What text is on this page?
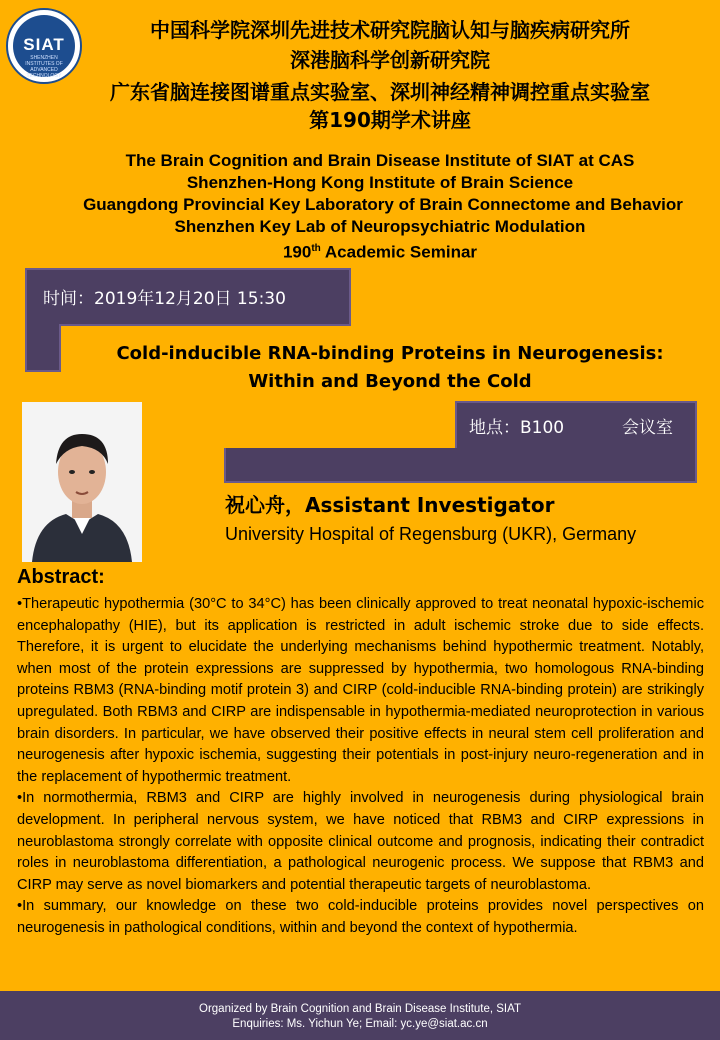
SIAT
SHENZHEN INSTITUTES OF ADVANCED TECHNOLOGY
中国科学院深圳先进技术研究院脑认知与脑疾病研究所
深港脑科学创新研究院
广东省脑连接图谱重点实验室、深圳神经精神调控重点实验室
第190期学术讲座
The Brain Cognition and Brain Disease Institute of SIAT at CAS
Shenzhen-Hong Kong Institute of Brain Science
Guangdong Provincial Key Laboratory of Brain Connectome and Behavior
Shenzhen Key Lab of Neuropsychiatric Modulation
190th Academic Seminar
时间：2019年12月20日 15:30
Cold-inducible RNA-binding Proteins in Neurogenesis:
Within and Beyond the Cold
地点：B100	会议室
祝心舟，Assistant Investigator
University Hospital of Regensburg (UKR), Germany
Abstract:

•Therapeutic hypothermia (30°C to 34°C) has been clinically approved to treat neonatal hypoxic-ischemic encephalopathy (HIE), but its application is restricted in adult ischemic stroke due to side effects. Therefore, it is urgent to elucidate the underlying mechanisms behind hypothermic treatment. Notably, when most of the protein expressions are suppressed by hypothermia, two homologous RNA-binding proteins RBM3 (RNA-binding motif protein 3) and CIRP (cold-inducible RNA-binding protein) are strikingly upregulated. Both RBM3 and CIRP are indispensable in hypothermia-mediated neuroprotection in various brain disorders. In particular, we have observed their positive effects in neural stem cell proliferation and neurogenesis after hypoxic ischemia, suggesting their potentials in post-injury neuro-regeneration and in the replacement of hypothermic treatment.

•In normothermia, RBM3 and CIRP are highly involved in neurogenesis during physiological brain development. In peripheral nervous system, we have noticed that RBM3 and CIRP expressions in neuroblastoma strongly correlate with opposite clinical outcome and prognosis, indicating their contradict roles in neuroblastoma differentiation, a pathological neurogenic process. We suppose that RBM3 and CIRP may serve as novel biomarkers and potential therapeutic targets of neuroblastoma.

•In summary, our knowledge on these two cold-inducible proteins provides novel perspectives on neurogenesis in pathological conditions, within and beyond the context of hypothermia.

Organized by Brain Cognition and Brain Disease Institute, SIAT
Enquiries: Ms. Yichun Ye; Email: yc.ye@siat.ac.cn
